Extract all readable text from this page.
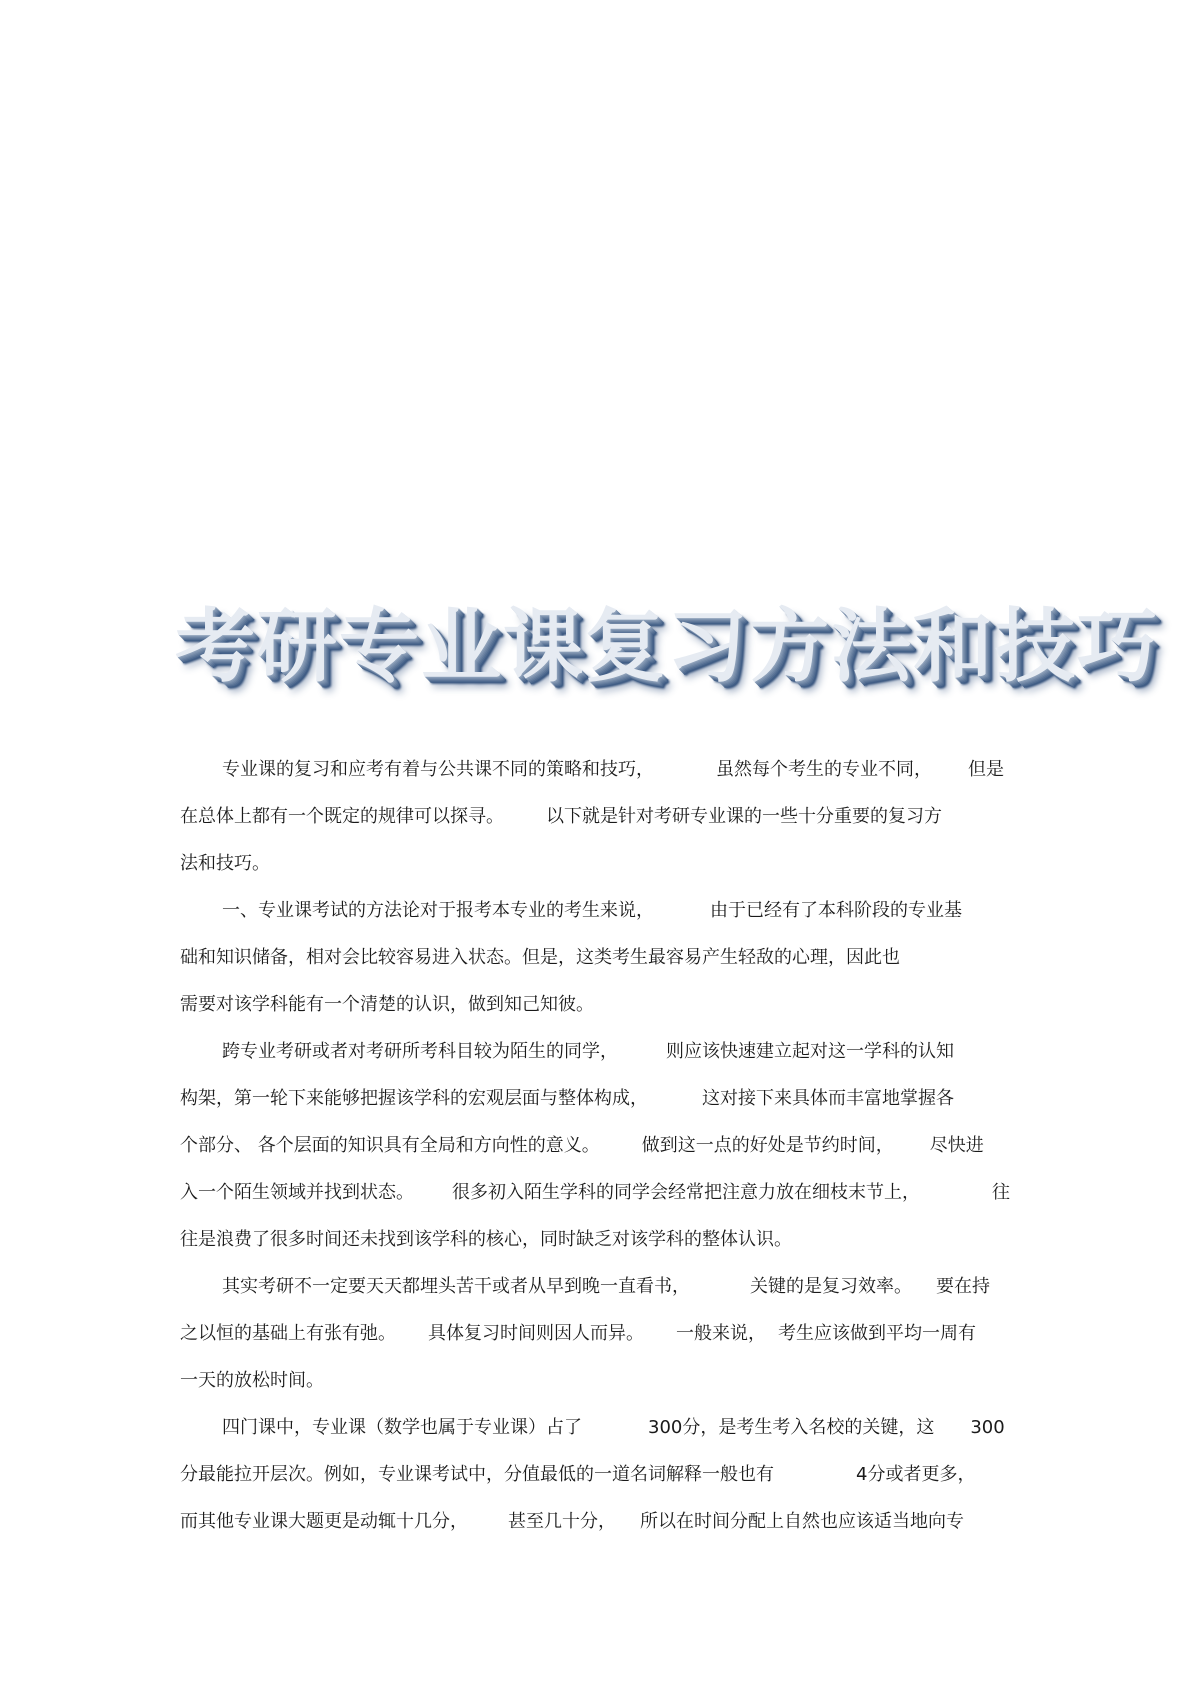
考研专业课复习方法和技巧
专业课的复习和应考有着与公共课不同的策略和技巧，	虽然每个考生的专业不同， 但是
在总体上都有一个既定的规律可以探寻。 以下就是针对考研专业课的一些十分重要的复习方
法和技巧。
一、专业课考试的方法论对于报考本专业的考生来说，	由于已经有了本科阶段的专业基
础和知识储备，相对会比较容易进入状态。但是，这类考生最容易产生轻敌的心理，因此也
需要对该学科能有一个清楚的认识，做到知己知彼。
跨专业考研或者对考研所考科目较为陌生的同学，	则应该快速建立起对这一学科的认知
构架，第一轮下来能够把握该学科的宏观层面与整体构成，	这对接下来具体而丰富地掌握各
个部分、 各个层面的知识具有全局和方向性的意义。 做到这一点的好处是节约时间， 尽快进
入一个陌生领域并找到状态。 很多初入陌生学科的同学会经常把注意力放在细枝末节上，	往
往是浪费了很多时间还未找到该学科的核心，同时缺乏对该学科的整体认识。
其实考研不一定要天天都埋头苦干或者从早到晚一直看书，	关键的是复习效率。 要在持
之以恒的基础上有张有弛。 具体复习时间则因人而异。 一般来说， 考生应该做到平均一周有
一天的放松时间。
四门课中，专业课（数学也属于专业课）占了	300 分，是考生考入名校的关键，这 300
分最能拉开层次。例如，专业课考试中，分值最低的一道名词解释一般也有	4 分或者更多，
而其他专业课大题更是动辄十几分， 甚至几十分， 所以在时间分配上自然也应该适当地向专
